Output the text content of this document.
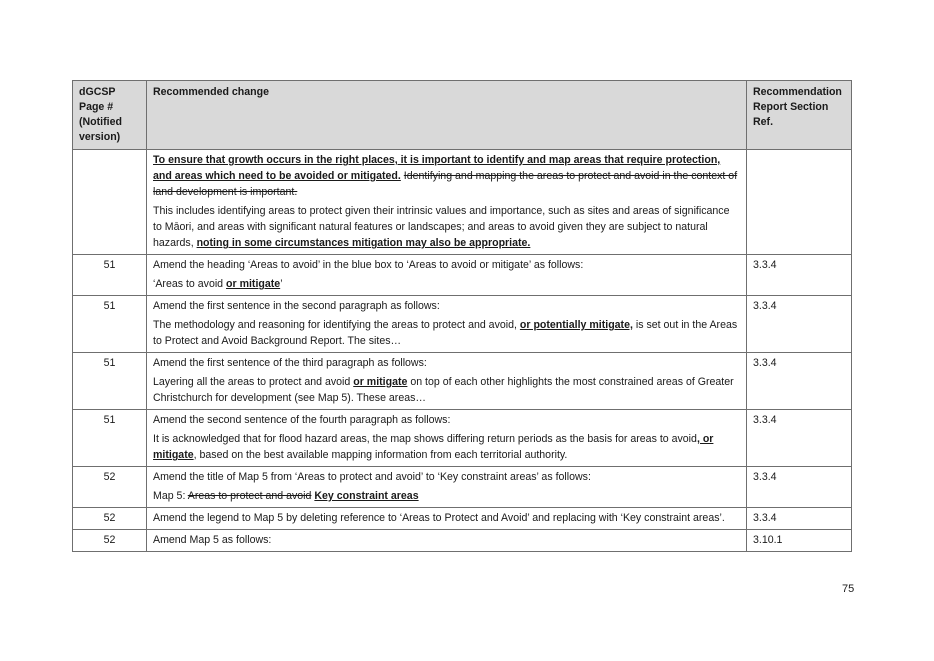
dGCSP Page # (Notified version)	Recommended change	Recommendation Report Section Ref.

	To ensure that growth occurs in the right places, it is important to identify and map areas that require protection, and areas which need to be avoided or mitigated. Identifying and mapping the areas to protect and avoid in the context of land development is important.

This includes identifying areas to protect given their intrinsic values and importance, such as sites and areas of significance to Māori, and areas with significant natural features or landscapes; and areas to avoid given they are subject to natural hazards, noting in some circumstances mitigation may also be appropriate.	

51	Amend the heading ‘Areas to avoid’ in the blue box to ‘Areas to avoid or mitigate’ as follows:

‘Areas to avoid or mitigate’	3.3.4
51	Amend the first sentence in the second paragraph as follows:

The methodology and reasoning for identifying the areas to protect and avoid, or potentially mitigate, is set out in the Areas to Protect and Avoid Background Report. The sites…	3.3.4
51	Amend the first sentence of the third paragraph as follows:

Layering all the areas to protect and avoid or mitigate on top of each other highlights the most constrained areas of Greater Christchurch for development (see Map 5). These areas…	3.3.4
51	Amend the second sentence of the fourth paragraph as follows:

It is acknowledged that for flood hazard areas, the map shows differing return periods as the basis for areas to avoid, or mitigate, based on the best available mapping information from each territorial authority.	3.3.4
52	Amend the title of Map 5 from ‘Areas to protect and avoid’ to ‘Key constraint areas’ as follows:

Map 5: Areas to protect and avoid Key constraint areas	3.3.4
52	Amend the legend to Map 5 by deleting reference to ‘Areas to Protect and Avoid’ and replacing with ‘Key constraint areas’.	3.3.4
52	Amend Map 5 as follows:	3.10.1
75
